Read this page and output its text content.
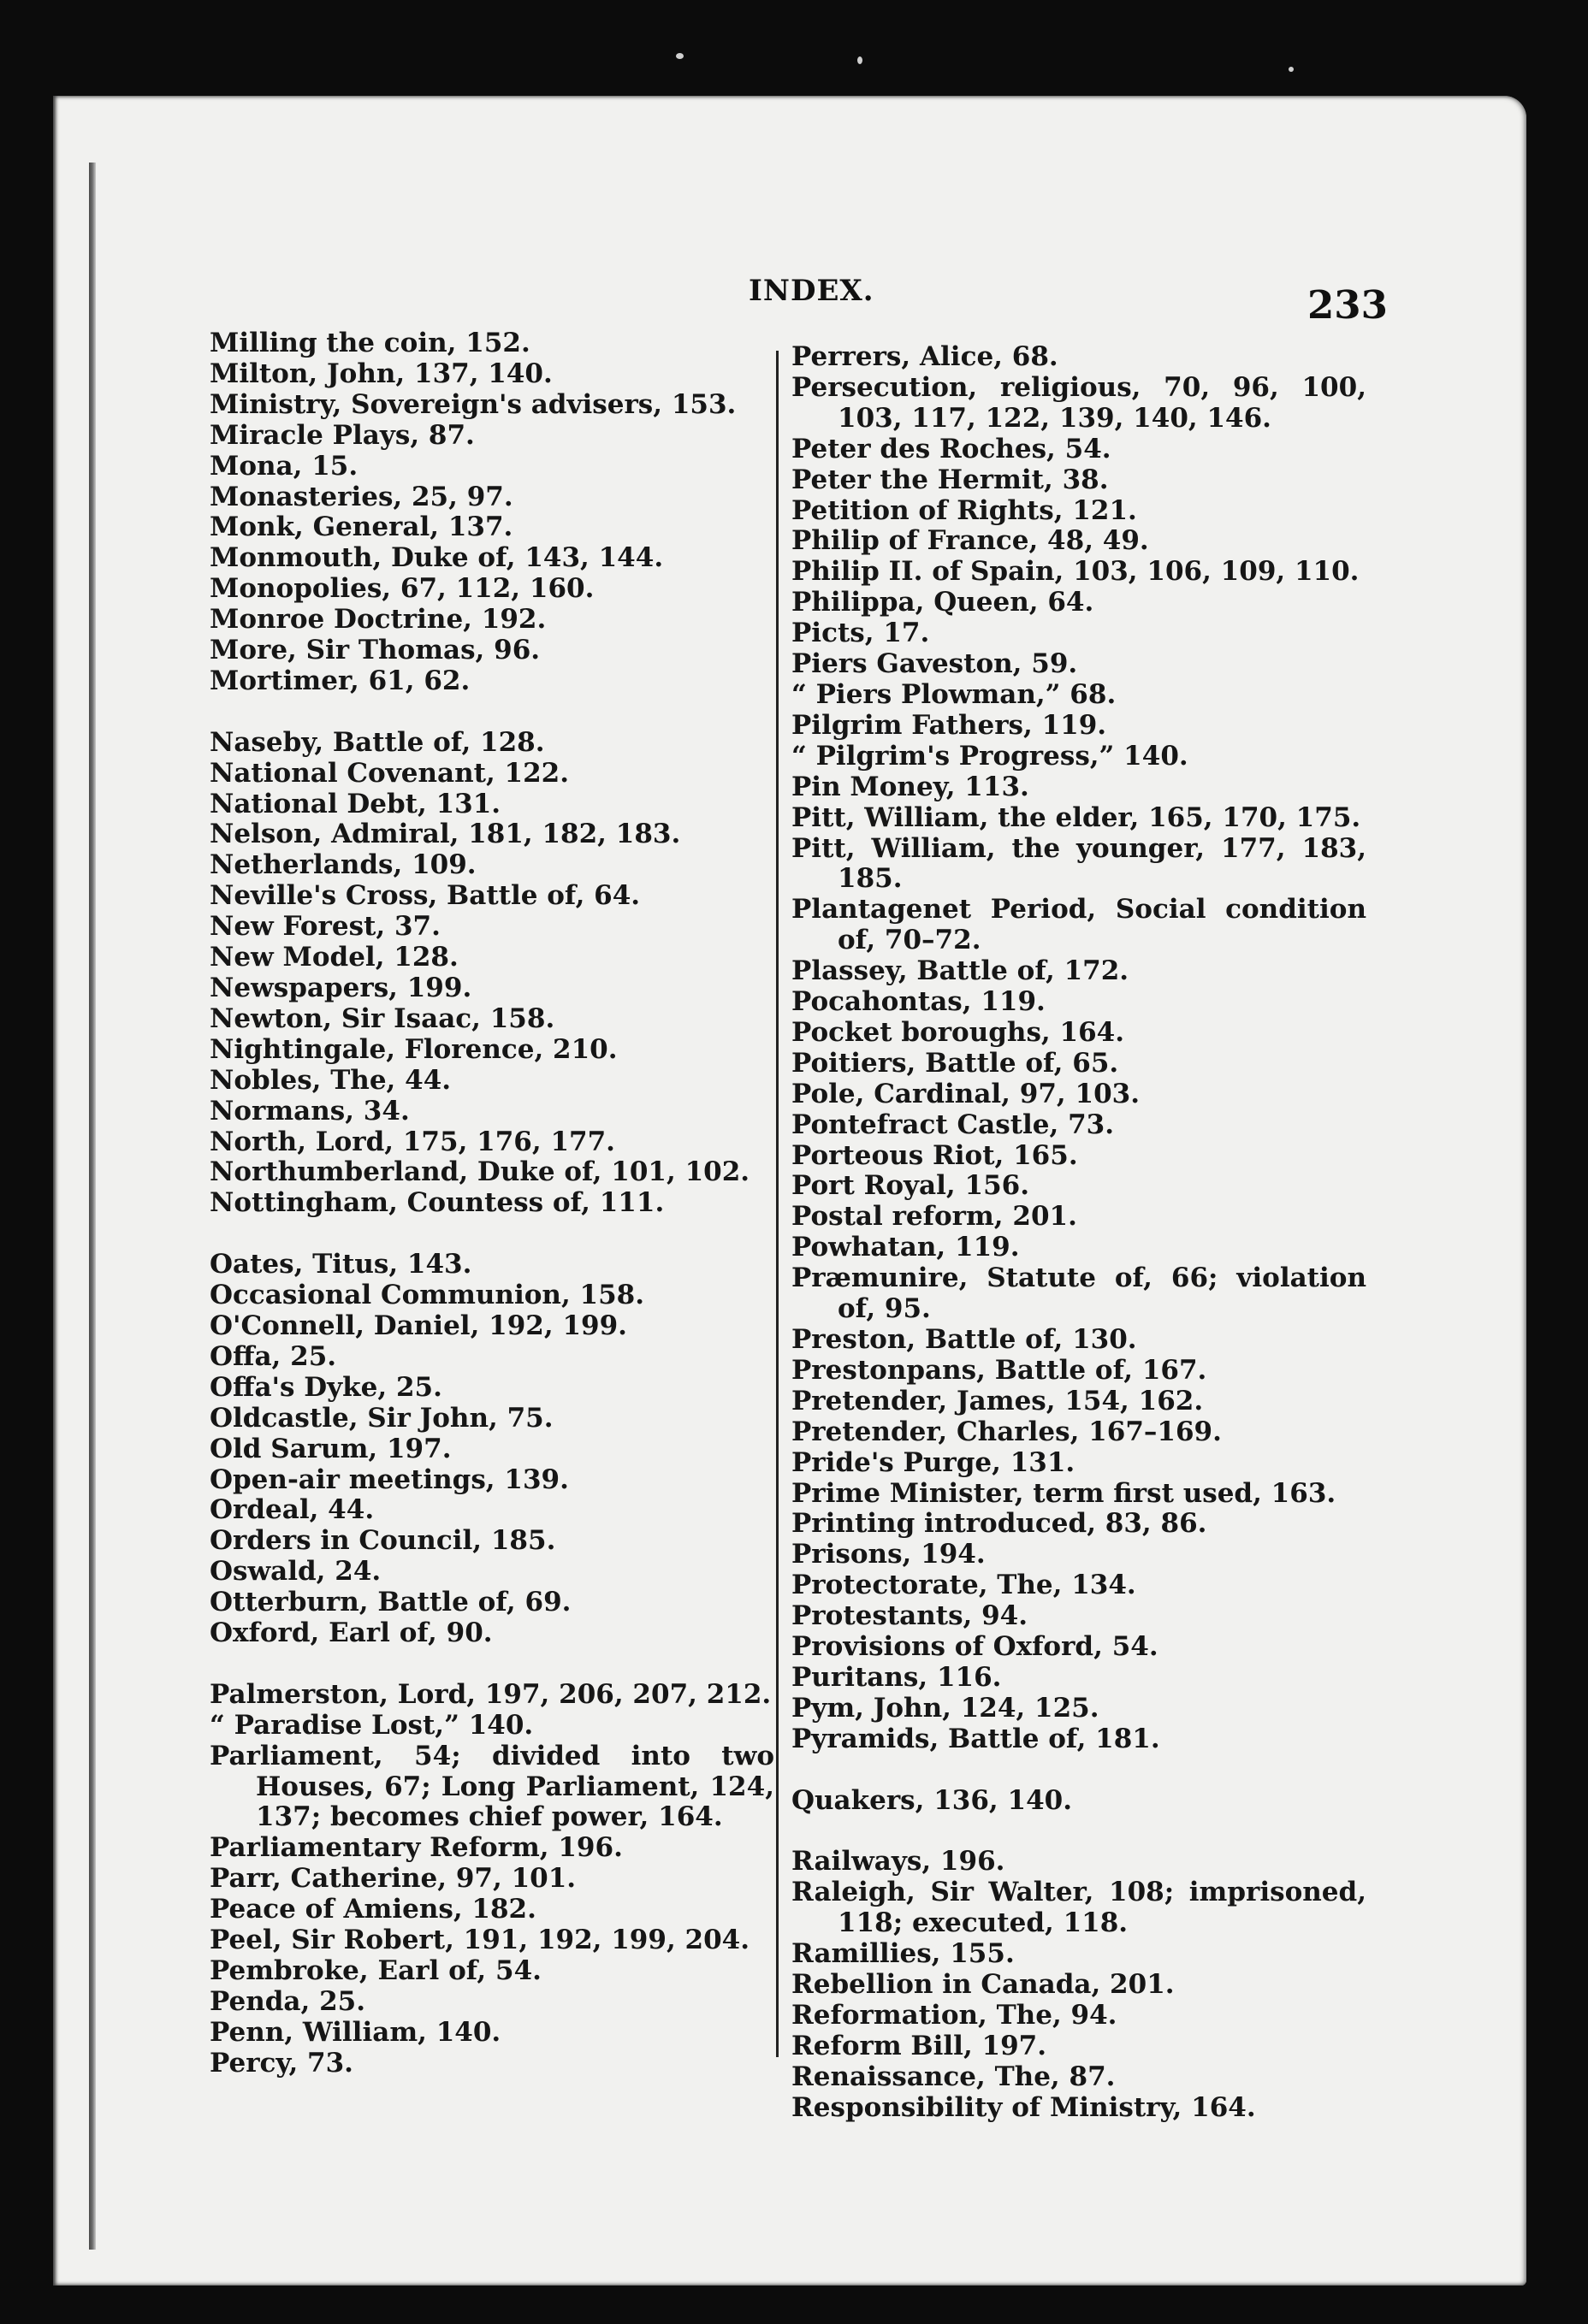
INDEX.	233
Milling the coin, 152.
Milton, John, 137, 140.
Ministry, Sovereign's advisers, 153.
Miracle Plays, 87.
Mona, 15.
Monasteries, 25, 97.
Monk, General, 137.
Monmouth, Duke of, 143, 144.
Monopolies, 67, 112, 160.
Monroe Doctrine, 192.
More, Sir Thomas, 96.
Mortimer, 61, 62.
Naseby, Battle of, 128.
National Covenant, 122.
National Debt, 131.
Nelson, Admiral, 181, 182, 183.
Netherlands, 109.
Neville's Cross, Battle of, 64.
New Forest, 37.
New Model, 128.
Newspapers, 199.
Newton, Sir Isaac, 158.
Nightingale, Florence, 210.
Nobles, The, 44.
Normans, 34.
North, Lord, 175, 176, 177.
Northumberland, Duke of, 101, 102.
Nottingham, Countess of, 111.
Oates, Titus, 143.
Occasional Communion, 158.
O'Connell, Daniel, 192, 199.
Offa, 25.
Offa's Dyke, 25.
Oldcastle, Sir John, 75.
Old Sarum, 197.
Open-air meetings, 139.
Ordeal, 44.
Orders in Council, 185.
Oswald, 24.
Otterburn, Battle of, 69.
Oxford, Earl of, 90.
Palmerston, Lord, 197, 206, 207, 212.
“ Paradise Lost,” 140.
Parliament, 54; divided into two Houses, 67; Long Parliament, 124, 137; becomes chief power, 164.
Parliamentary Reform, 196.
Parr, Catherine, 97, 101.
Peace of Amiens, 182.
Peel, Sir Robert, 191, 192, 199, 204.
Pembroke, Earl of, 54.
Penda, 25.
Penn, William, 140.
Percy, 73.
Perrers, Alice, 68.
Persecution, religious, 70, 96, 100, 103, 117, 122, 139, 140, 146.
Peter des Roches, 54.
Peter the Hermit, 38.
Petition of Rights, 121.
Philip of France, 48, 49.
Philip II. of Spain, 103, 106, 109, 110.
Philippa, Queen, 64.
Picts, 17.
Piers Gaveston, 59.
“ Piers Plowman,” 68.
Pilgrim Fathers, 119.
“ Pilgrim's Progress,” 140.
Pin Money, 113.
Pitt, William, the elder, 165, 170, 175.
Pitt, William, the younger, 177, 183, 185.
Plantagenet Period, Social condition of, 70–72.
Plassey, Battle of, 172.
Pocahontas, 119.
Pocket boroughs, 164.
Poitiers, Battle of, 65.
Pole, Cardinal, 97, 103.
Pontefract Castle, 73.
Porteous Riot, 165.
Port Royal, 156.
Postal reform, 201.
Powhatan, 119.
Præmunire, Statute of, 66; violation of, 95.
Preston, Battle of, 130.
Prestonpans, Battle of, 167.
Pretender, James, 154, 162.
Pretender, Charles, 167–169.
Pride's Purge, 131.
Prime Minister, term first used, 163.
Printing introduced, 83, 86.
Prisons, 194.
Protectorate, The, 134.
Protestants, 94.
Provisions of Oxford, 54.
Puritans, 116.
Pym, John, 124, 125.
Pyramids, Battle of, 181.
Quakers, 136, 140.
Railways, 196.
Raleigh, Sir Walter, 108; imprisoned, 118; executed, 118.
Ramillies, 155.
Rebellion in Canada, 201.
Reformation, The, 94.
Reform Bill, 197.
Renaissance, The, 87.
Responsibility of Ministry, 164.
